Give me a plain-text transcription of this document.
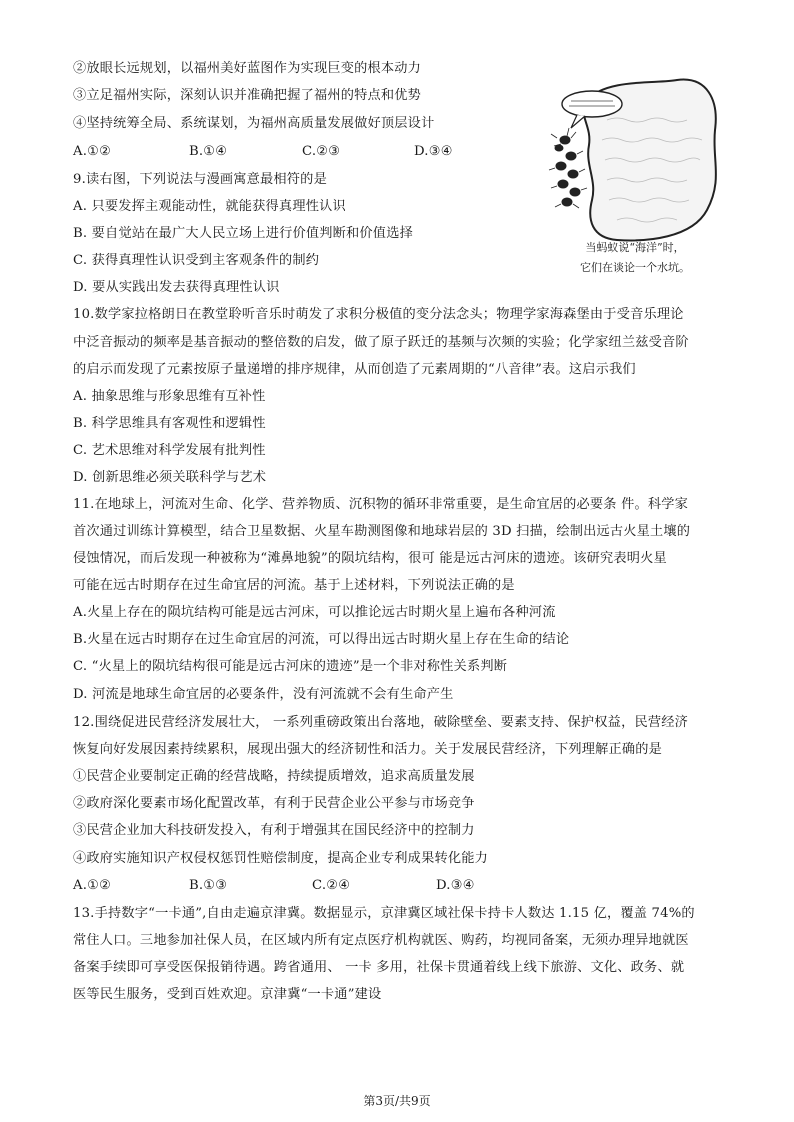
②放眼长远规划，以福州美好蓝图作为实现巨变的根本动力
③立足福州实际，深刻认识并准确把握了福州的特点和优势
④坚持统筹全局、系统谋划，为福州高质量发展做好顶层设计
A.①②	B.①④	C.②③	D.③④
9.读右图，下列说法与漫画寓意最相符的是
A. 只要发挥主观能动性，就能获得真理性认识
B. 要自觉站在最广大人民立场上进行价值判断和价值选择
C. 获得真理性认识受到主客观条件的制约
D. 要从实践出发去获得真理性认识
当蚂蚁说“海洋”时，
它们在谈论一个水坑。
10.数学家拉格朗日在教堂聆听音乐时萌发了求积分极值的变分法念头；物理学家海森堡由于受音乐理论
中泛音振动的频率是基音振动的整倍数的启发，做了原子跃迁的基频与次频的实验；化学家纽兰兹受音阶
的启示而发现了元素按原子量递增的排序规律，从而创造了元素周期的“八音律”表。这启示我们
A. 抽象思维与形象思维有互补性
B. 科学思维具有客观性和逻辑性
C. 艺术思维对科学发展有批判性
D. 创新思维必须关联科学与艺术
11.在地球上，河流对生命、化学、营养物质、沉积物的循环非常重要，是生命宜居的必要条 件。科学家
首次通过训练计算模型，结合卫星数据、火星车勘测图像和地球岩层的 3D 扫描，绘制出远古火星土壤的
侵蚀情况，而后发现一种被称为“滩鼻地貌”的陨坑结构，很可 能是远古河床的遗迹。该研究表明火星
可能在远古时期存在过生命宜居的河流。基于上述材料，下列说法正确的是
A.火星上存在的陨坑结构可能是远古河床，可以推论远古时期火星上遍布各种河流
B.火星在远古时期存在过生命宜居的河流，可以得出远古时期火星上存在生命的结论
C. “火星上的陨坑结构很可能是远古河床的遗迹”是一个非对称性关系判断
D. 河流是地球生命宜居的必要条件，没有河流就不会有生命产生
12.围绕促进民营经济发展壮大， 一系列重磅政策出台落地，破除壁垒、要素支持、保护权益，民营经济
恢复向好发展因素持续累积，展现出强大的经济韧性和活力。关于发展民营经济，下列理解正确的是
①民营企业要制定正确的经营战略，持续提质增效，追求高质量发展
②政府深化要素市场化配置改革，有利于民营企业公平参与市场竞争
③民营企业加大科技研发投入，有利于增强其在国民经济中的控制力
④政府实施知识产权侵权惩罚性赔偿制度，提高企业专利成果转化能力
A.①②	B.①③	C.②④	D.③④
13.手持数字“一卡通”,自由走遍京津冀。数据显示，京津冀区域社保卡持卡人数达 1.15 亿，覆盖 74%的
常住人口。三地参加社保人员，在区域内所有定点医疗机构就医、购药，均视同备案，无须办理异地就医
备案手续即可享受医保报销待遇。跨省通用、 一卡 多用，社保卡贯通着线上线下旅游、文化、政务、就
医等民生服务，受到百姓欢迎。京津冀“一卡通”建设
第3页/共9页
